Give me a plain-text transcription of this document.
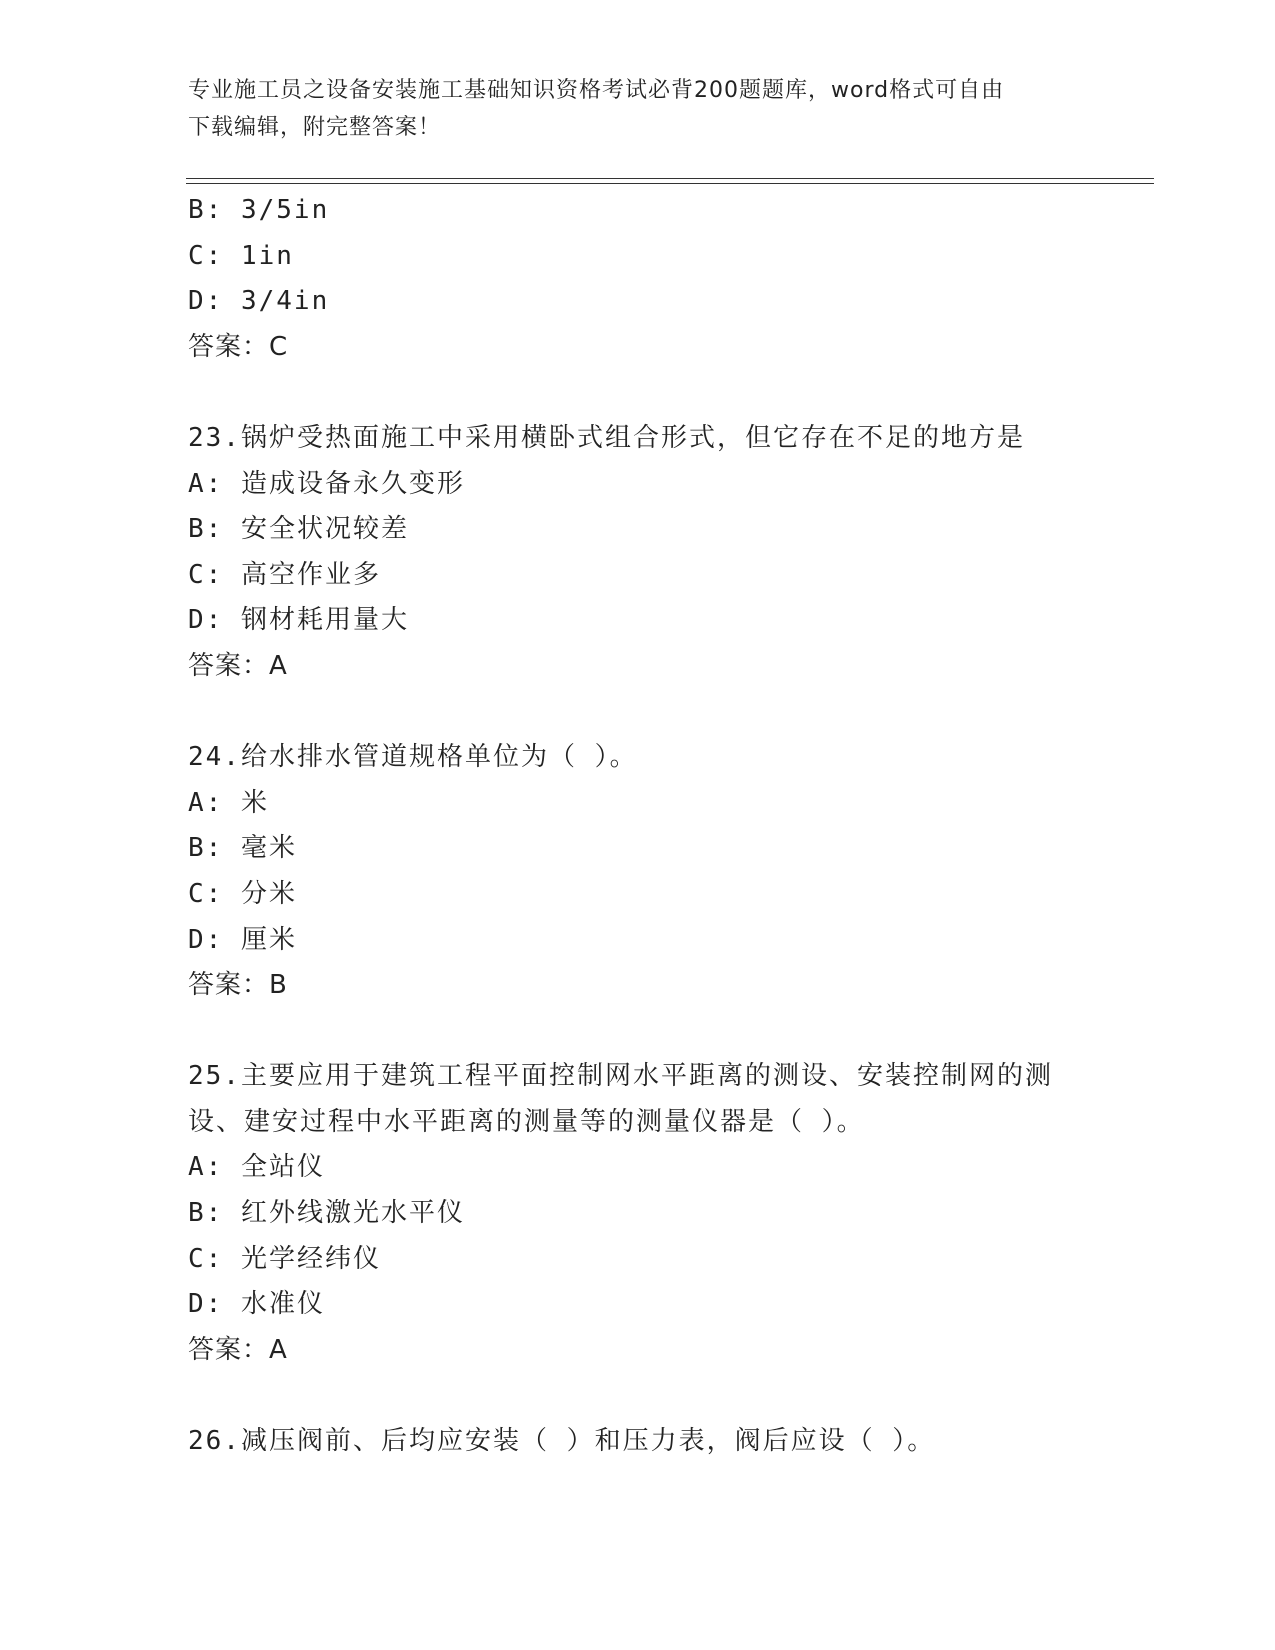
专业施工员之设备安装施工基础知识资格考试必背200题题库，word格式可自由
下载编辑，附完整答案！
B: 3/5in
C: 1in
D: 3/4in
答案：C
23.锅炉受热面施工中采用横卧式组合形式，但它存在不足的地方是
A: 造成设备永久变形
B: 安全状况较差
C: 高空作业多
D: 钢材耗用量大
答案：A
24.给水排水管道规格单位为（ ）。
A: 米
B: 毫米
C: 分米
D: 厘米
答案：B
25.主要应用于建筑工程平面控制网水平距离的测设、安装控制网的测
设、建安过程中水平距离的测量等的测量仪器是（ ）。
A: 全站仪
B: 红外线激光水平仪
C: 光学经纬仪
D: 水准仪
答案：A
26.减压阀前、后均应安装（ ）和压力表，阀后应设（ ）。
